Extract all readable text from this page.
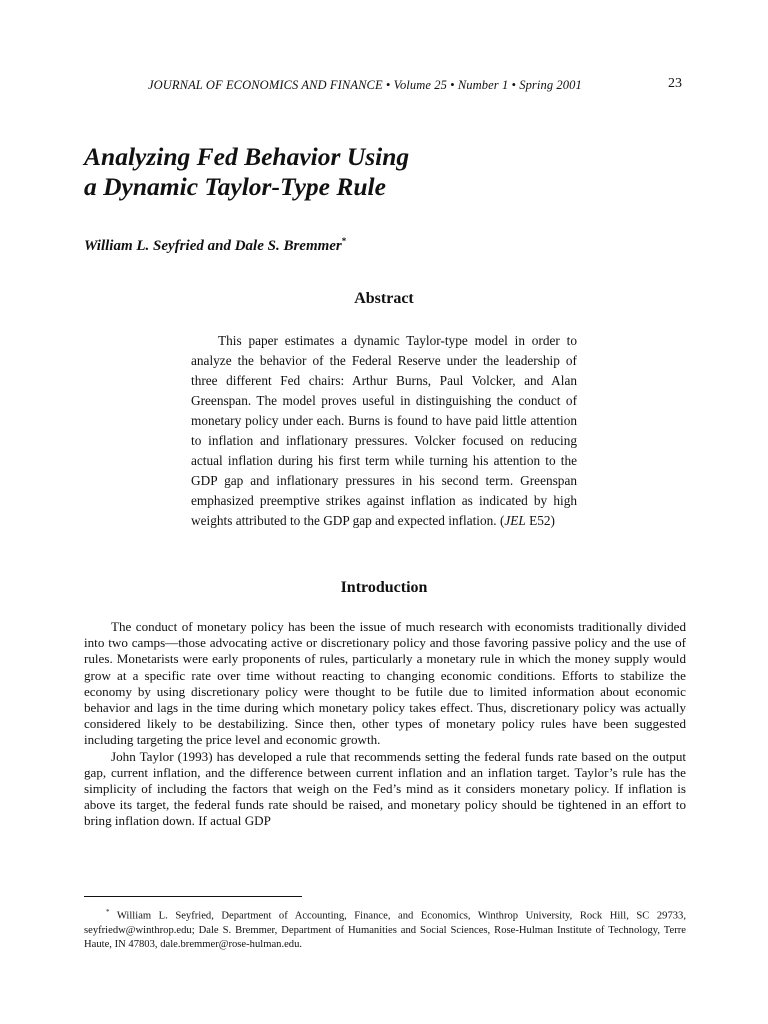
JOURNAL OF ECONOMICS AND FINANCE • Volume 25 • Number 1 • Spring 2001	23
Analyzing Fed Behavior Using
a Dynamic Taylor-Type Rule
William L. Seyfried and Dale S. Bremmer*
Abstract

This paper estimates a dynamic Taylor-type model in order to analyze the behavior of the Federal Reserve under the leadership of three different Fed chairs: Arthur Burns, Paul Volcker, and Alan Greenspan. The model proves useful in distinguishing the conduct of monetary policy under each. Burns is found to have paid little attention to inflation and inflationary pressures. Volcker focused on reducing actual inflation during his first term while turning his attention to the GDP gap and inflationary pressures in his second term. Greenspan emphasized preemptive strikes against inflation as indicated by high weights attributed to the GDP gap and expected inflation. (JEL E52)

Introduction

The conduct of monetary policy has been the issue of much research with economists traditionally divided into two camps—those advocating active or discretionary policy and those favoring passive policy and the use of rules. Monetarists were early proponents of rules, particularly a monetary rule in which the money supply would grow at a specific rate over time without reacting to changing economic conditions. Efforts to stabilize the economy by using discretionary policy were thought to be futile due to limited information about economic behavior and lags in the time during which monetary policy takes effect. Thus, discretionary policy was actually considered likely to be destabilizing. Since then, other types of monetary policy rules have been suggested including targeting the price level and economic growth.

John Taylor (1993) has developed a rule that recommends setting the federal funds rate based on the output gap, current inflation, and the difference between current inflation and an inflation target. Taylor’s rule has the simplicity of including the factors that weigh on the Fed’s mind as it considers monetary policy. If inflation is above its target, the federal funds rate should be raised, and monetary policy should be tightened in an effort to bring inflation down. If actual GDP

* William L. Seyfried, Department of Accounting, Finance, and Economics, Winthrop University, Rock Hill, SC 29733, seyfriedw@winthrop.edu; Dale S. Bremmer, Department of Humanities and Social Sciences, Rose-Hulman Institute of Technology, Terre Haute, IN 47803, dale.bremmer@rose-hulman.edu.
